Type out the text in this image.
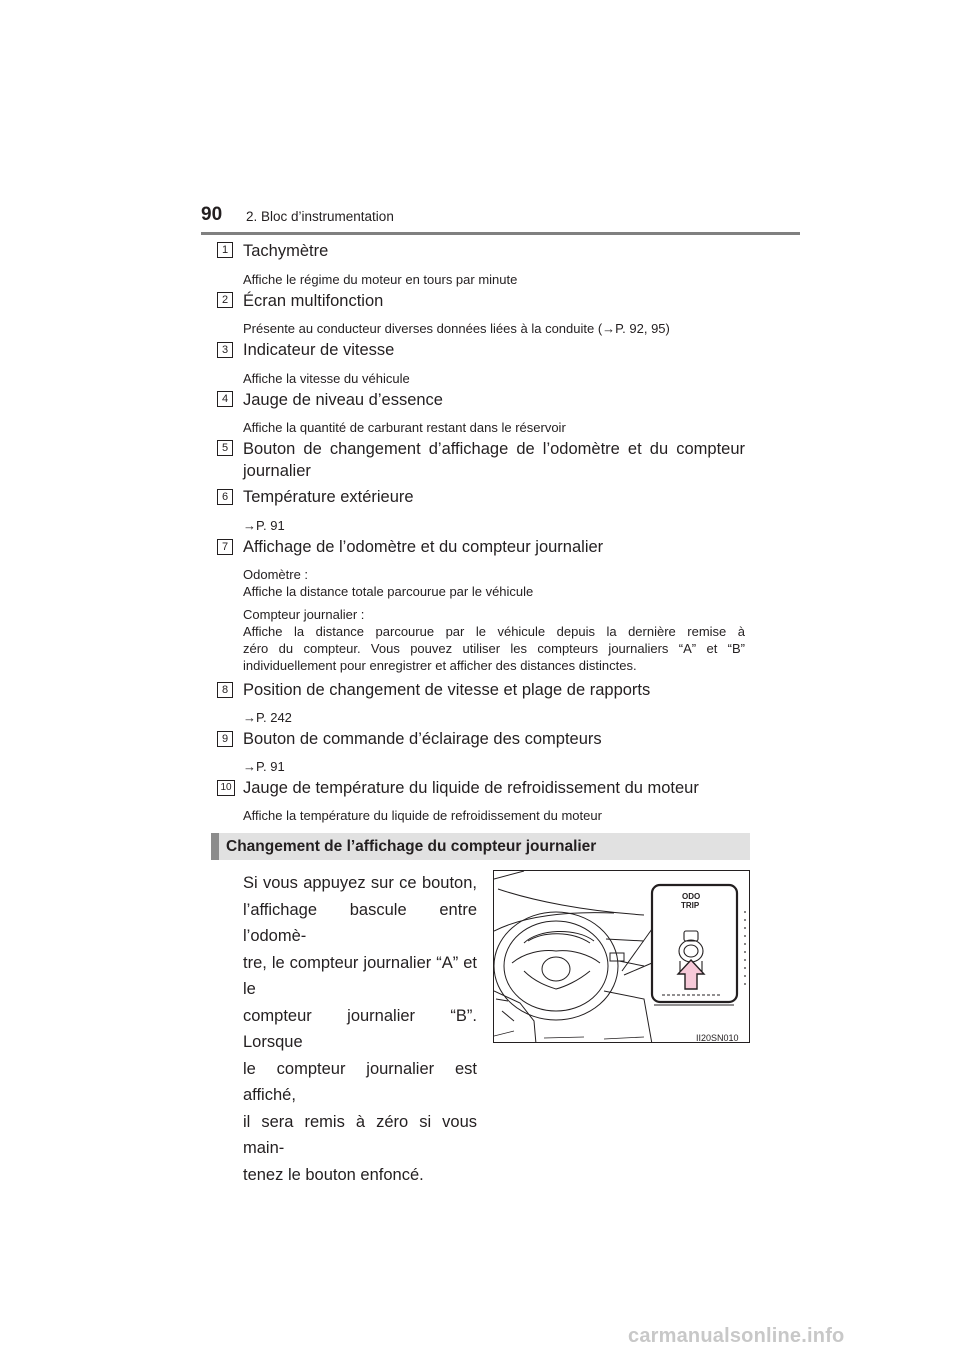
90 2. Bloc d’instrumentation
1 Tachymètre
Affiche le régime du moteur en tours par minute
2 Écran multifonction
Présente au conducteur diverses données liées à la conduite (→P. 92, 95)
3 Indicateur de vitesse
Affiche la vitesse du véhicule
4 Jauge de niveau d’essence
Affiche la quantité de carburant restant dans le réservoir
5 Bouton de changement d’affichage de l’odomètre et du compteur
journalier
6 Température extérieure
→P. 91
7 Affichage de l’odomètre et du compteur journalier
Odomètre :
Affiche la distance totale parcourue par le véhicule
Compteur journalier :
Affiche la distance parcourue par le véhicule depuis la dernière remise à
zéro du compteur. Vous pouvez utiliser les compteurs journaliers “A” et “B”
individuellement pour enregistrer et afficher des distances distinctes.
8 Position de changement de vitesse et plage de rapports
→P. 242
9 Bouton de commande d’éclairage des compteurs
→P. 91
10 Jauge de température du liquide de refroidissement du moteur
Affiche la température du liquide de refroidissement du moteur
Changement de l’affichage du compteur journalier
Si vous appuyez sur ce bouton,
l’affichage bascule entre l’odomè-
tre, le compteur journalier “A” et le
compteur journalier “B”. Lorsque
le compteur journalier est affiché,
il sera remis à zéro si vous main-
tenez le bouton enfoncé.
ODO
TRIP
II20SN010
carmanualsonline.info
